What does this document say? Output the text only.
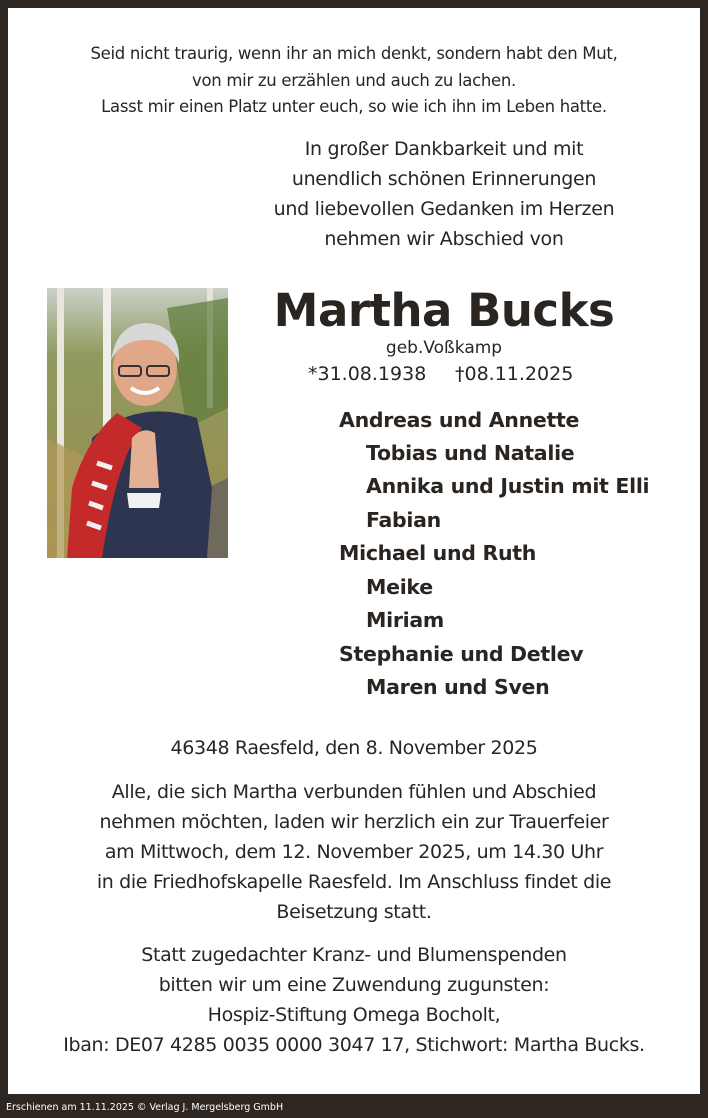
Seid nicht traurig, wenn ihr an mich denkt, sondern habt den Mut,
von mir zu erzählen und auch zu lachen.
Lasst mir einen Platz unter euch, so wie ich ihn im Leben hatte.
In großer Dankbarkeit und mit
unendlich schönen Erinnerungen
und liebevollen Gedanken im Herzen
nehmen wir Abschied von
Martha Bucks
geb.Voßkamp
*31.08.1938 †08.11.2025
Andreas und Annette
Tobias und Natalie
Annika und Justin mit Elli
Fabian
Michael und Ruth
Meike
Miriam
Stephanie und Detlev
Maren und Sven
46348 Raesfeld, den 8. November 2025
Alle, die sich Martha verbunden fühlen und Abschied
nehmen möchten, laden wir herzlich ein zur Trauerfeier
am Mittwoch, dem 12. November 2025, um 14.30 Uhr
in die Friedhofskapelle Raesfeld. Im Anschluss findet die
Beisetzung statt.
Statt zugedachter Kranz- und Blumenspenden
bitten wir um eine Zuwendung zugunsten:
Hospiz-Stiftung Omega Bocholt,
Iban: DE07 4285 0035 0000 3047 17, Stichwort: Martha Bucks.
Erschienen am 11.11.2025 © Verlag J. Mergelsberg GmbH
